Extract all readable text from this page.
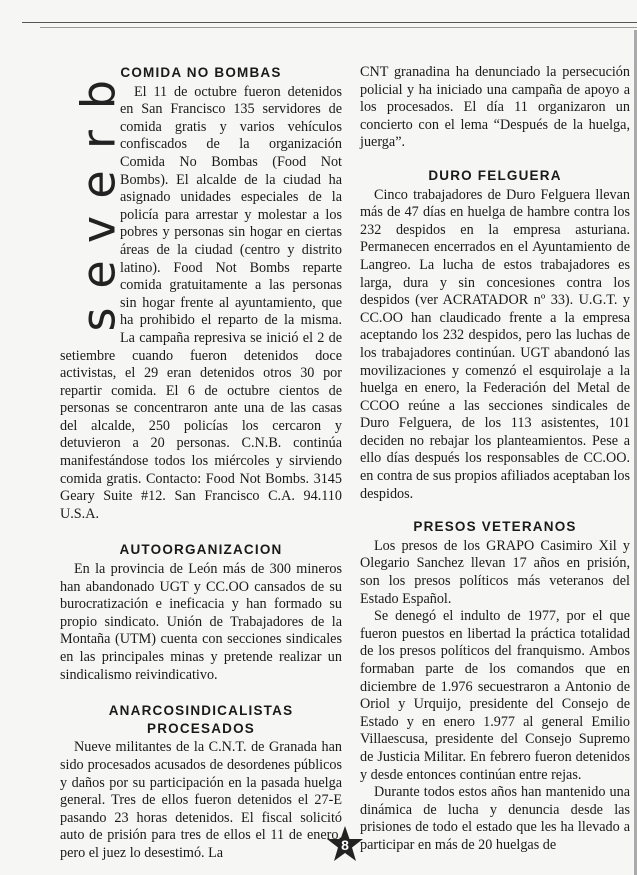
b
r
e
v
e
s
COMIDA NO BOMBAS

El 11 de octubre fueron detenidos en San Francisco 135 servidores de comida gratis y varios vehículos confiscados de la organización Comida No Bombas (Food Not Bombs). El alcalde de la ciudad ha asignado unidades especiales de la policía para arrestar y molestar a los pobres y personas sin hogar en ciertas áreas de la ciudad (centro y distrito latino). Food Not Bombs reparte comida gratuitamente a las personas sin hogar frente al ayuntamiento, que ha prohibido el reparto de la misma. La campaña represiva se inició el 2 de setiembre cuando fueron detenidos doce activistas, el 29 eran detenidos otros 30 por repartir comida. El 6 de octubre cientos de personas se concentraron ante una de las casas del alcalde, 250 policías los cercaron y detuvieron a 20 personas. C.N.B. continúa manifestándose todos los miércoles y sirviendo comida gratis. Contacto: Food Not Bombs. 3145 Geary Suite #12. San Francisco C.A. 94.110 U.S.A.

AUTOORGANIZACION

En la provincia de León más de 300 mineros han abandonado UGT y CC.OO cansados de su burocratización e ineficacia y han formado su propio sindicato. Unión de Trabajadores de la Montaña (UTM) cuenta con secciones sindicales en las principales minas y pretende realizar un sindicalismo reivindicativo.

ANARCOSINDICALISTAS PROCESADOS

Nueve militantes de la C.N.T. de Granada han sido procesados acusados de desordenes públicos y daños por su participación en la pasada huelga general. Tres de ellos fueron detenidos el 27-E pasando 23 horas detenidos. El fiscal solicitó auto de prisión para tres de ellos el 11 de enero, pero el juez lo desestimó. La

CNT granadina ha denunciado la persecución policial y ha iniciado una campaña de apoyo a los procesados. El día 11 organizaron un concierto con el lema “Después de la huelga, juerga”.

DURO FELGUERA

Cinco trabajadores de Duro Felguera llevan más de 47 días en huelga de hambre contra los 232 despidos en la empresa asturiana. Permanecen encerrados en el Ayuntamiento de Langreo. La lucha de estos trabajadores es larga, dura y sin concesiones contra los despidos (ver ACRATADOR nº 33). U.G.T. y CC.OO han claudicado frente a la empresa aceptando los 232 despidos, pero las luchas de los trabajadores continúan. UGT abandonó las movilizaciones y comenzó el esquirolaje a la huelga en enero, la Federación del Metal de CCOO reúne a las secciones sindicales de Duro Felguera, de los 113 asistentes, 101 deciden no rebajar los planteamientos. Pese a ello días después los responsables de CC.OO. en contra de sus propios afiliados aceptaban los despidos.

PRESOS VETERANOS

Los presos de los GRAPO Casimiro Xil y Olegario Sanchez llevan 17 años en prisión, son los presos políticos más veteranos del Estado Español.

Se denegó el indulto de 1977, por el que fueron puestos en libertad la práctica totalidad de los presos políticos del franquismo. Ambos formaban parte de los comandos que en diciembre de 1.976 secuestraron a Antonio de Oriol y Urquijo, presidente del Consejo de Estado y en enero 1.977 al general Emilio Villaescusa, presidente del Consejo Supremo de Justicia Militar. En febrero fueron detenidos y desde entonces continúan entre rejas.

Durante todos estos años han mantenido una dinámica de lucha y denuncia desde las prisiones de todo el estado que les ha llevado a participar en más de 20 huelgas de

8
